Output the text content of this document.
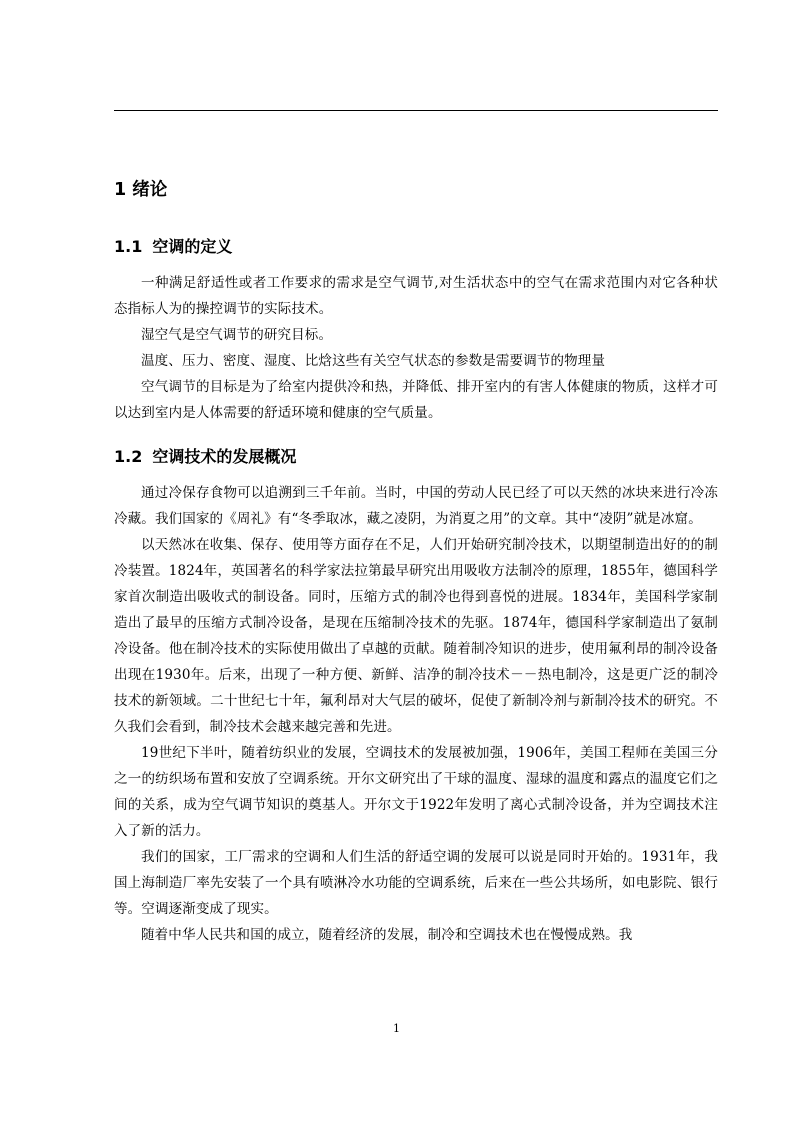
1 绪论
1.1 空调的定义

一种满足舒适性或者工作要求的需求是空气调节,对生活状态中的空气在需求范围内对它各种状态指标人为的操控调节的实际技术。

湿空气是空气调节的研究目标。

温度、压力、密度、湿度、比焓这些有关空气状态的参数是需要调节的物理量

空气调节的目标是为了给室内提供冷和热，并降低、排开室内的有害人体健康的物质，这样才可以达到室内是人体需要的舒适环境和健康的空气质量。

1.2 空调技术的发展概况

通过冷保存食物可以追溯到三千年前。当时，中国的劳动人民已经了可以天然的冰块来进行冷冻冷藏。我们国家的《周礼》有“冬季取冰，藏之凌阴，为消夏之用”的文章。其中“凌阴”就是冰窟。

以天然冰在收集、保存、使用等方面存在不足，人们开始研究制冷技术，以期望制造出好的的制冷装置。1824年，英国著名的科学家法拉第最早研究出用吸收方法制冷的原理，1855年，德国科学家首次制造出吸收式的制设备。同时，压缩方式的制冷也得到喜悦的进展。1834年，美国科学家制造出了最早的压缩方式制冷设备，是现在压缩制冷技术的先驱。1874年，德国科学家制造出了氨制冷设备。他在制冷技术的实际使用做出了卓越的贡献。随着制冷知识的进步，使用氟利昂的制冷设备出现在1930年。后来，出现了一种方便、新鲜、洁净的制冷技术－－热电制冷，这是更广泛的制冷技术的新领域。二十世纪七十年，氟利昂对大气层的破坏，促使了新制冷剂与新制冷技术的研究。不久我们会看到，制冷技术会越来越完善和先进。

19世纪下半叶，随着纺织业的发展，空调技术的发展被加强，1906年，美国工程师在美国三分之一的纺织场布置和安放了空调系统。开尔文研究出了干球的温度、湿球的温度和露点的温度它们之间的关系，成为空气调节知识的奠基人。开尔文于1922年发明了离心式制冷设备，并为空调技术注入了新的活力。

我们的国家，工厂需求的空调和人们生活的舒适空调的发展可以说是同时开始的。1931年，我国上海制造厂率先安装了一个具有喷淋冷水功能的空调系统，后来在一些公共场所，如电影院、银行等。空调逐渐变成了现实。

随着中华人民共和国的成立，随着经济的发展，制冷和空调技术也在慢慢成熟。我

1
